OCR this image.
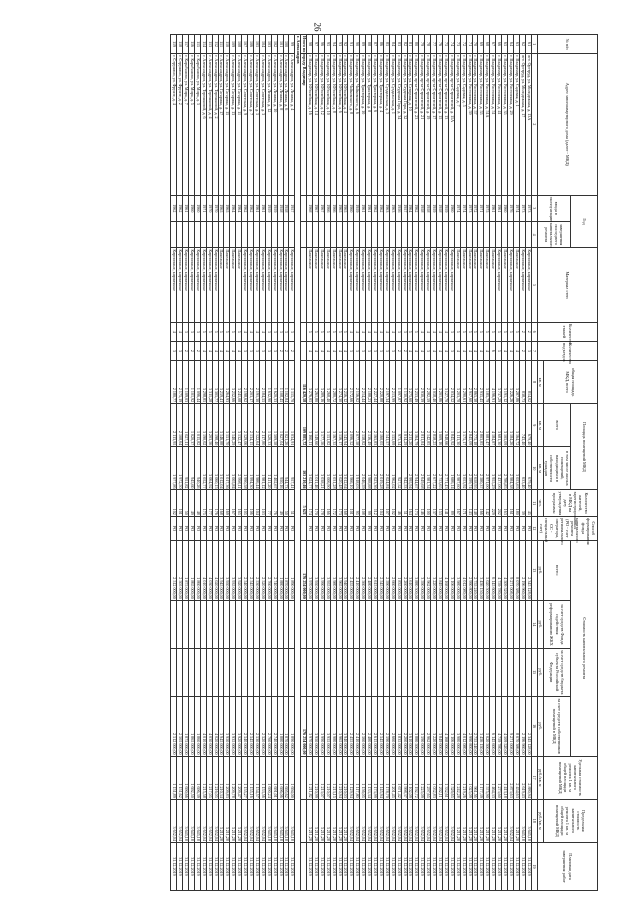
26
№ п/п	Адрес многоквартирного дома (далее - МКД)	Год		Материал стен	Количество этажей	Количество подъездов	общая площадь МКД, всего	Площадь помещений МКД		Количество жителей, зарегистрированных в МКД на дату утверждения программы	Способ формирования фонда капитального ремонта (РО - счет регионального оператора, СС - специальный счет)	Стоимость капитального ремонта				Удельная стоимость капитального ремонта 1 кв. м общей площади помещений МКД	Предельная стоимость капитального ремонта 1 кв. м общей площади помещений МКД	Плановая дата завершения работ
		ввода в эксплуатацию	завершения последнего капитального ремонта					всего	в том числе жилых помещений, находящихся в собственности граждан			всего:	за счет средств Фонда содействия реформированию ЖКХ	за счет средств бюджета субъекта Российской Федерации	за счет средств собственников помещений в МКД			
							кв. м	кв. м	кв. м	чел.		руб.	руб.	руб.	руб.	руб./кв. м	руб./кв. м	
1	2	3	4	5	6	7	8	9	10	11	12	13	14	15	16	17	18	19
61	пгт. Оргтруд, ул. Молодежная, д. 13А	1973		Кирпичные, кирпичные	2	3	814,02	679,40	679,40	45	РО	2 345 128,00			2 345 128,00	2 880,94	3 645,18	31.12.2019
62	пгт. Оргтруд, ул. Молодежная, д. 17	1973		Кирпичные, кирпичные	2	2	838,73	743,40	633,40	39	РО	2 196 960,00			2 196 960,00	2 619,43	3 645,18	31.12.2019
63	г. Владимир, ул. Садовая, д. 1	1974		Панельные	5	4	3 287,86	3 164,72	3 053,63	180	РО	8 070 386,00			8 070 386,00	2 454,63	3 211,28	31.12.2019
64	г. Владимир, ул. Растопчина, д. 29	1976		Кирпичные, кирпичные	5	4	3 226,26	3 184,26	2 984,38	161	РО	9 271 008,00			9 271 008,00	2 873,63	3 652,04	31.12.2019
65	г. Владимир, ул. Растопчина, д. 35	1960		Панельные	5	4	3 191,12	3 105,09	2 786,85	163	РО	4 509 520,00			4 509 520,00	1 413,18	3 211,28	31.12.2019
66	г. Владимир, ул. Растопчина, д. 41	1961		Кирпичные, кирпичные	5	5	3 737,29	3 681,30	3 437,06	202	РО	4 759 780,00			4 759 780,00	1 273,60	3 211,28	31.12.2019
67	г. Владимир, ул. Растопчина, д. 51	1961		Панельные	5	6	4 196,91	4 184,87	3 955,29	229	РО	6 145 600,00			6 145 600,00	1 464,33	3 211,28	31.12.2019
68	г. Владимир, ул. Растопчина, д. 51А	1975		Панельные	5	4	3 185,79	3 081,47	2 971,00	142	РО	5 020 500,00			5 020 500,00	1 575,90	3 211,28	31.12.2019
69	г. Владимир, ул. Растопчина, д. 55	1971		Панельные	5	4	2 935,45	2 803,85	2 580,37	166	РО	3 456 150,00			3 456 150,00	1 177,39	3 211,28	31.12.2019
70	г. Владимир, ул. Растопчина, д. 57	1972		Панельные	5	4	2 865,38	2 775,18	2 658,95	148	РО	2 755 240,00			2 755 240,00	961,56	3 211,28	31.12.2019
71	г. Владимир, ул. Растопчина, д. 59	1973		Панельные	5	4	2 917,60	2 845,09	2 599,74	143	РО	2 990 800,00			2 990 800,00	1 025,09	3 211,28	31.12.2019
72	г. Владимир, ул. Садовая, д. 5	1974		Панельные	5	4	3 290,61	3 175,17	3 053,92	171	РО	4 012 080,00			4 012 080,00	1 219,26	3 211,28	31.12.2019
73	г. Владимир, ул. Садовая, д. 7	1974		Панельные	5	4	3 203,78	3 111,30	2 987,60	167	РО	3 980 000,00			3 980 000,00	1 242,28	3 211,28	31.12.2019
74	г. Владимир, пр-кт Строителей, д. 11А	1960		Кирпичные, кирпичные	3	3	2 034,52	1 845,92	1 686,14	89	РО	3 106 000,00			3 106 000,00	1 526,65	3 652,04	31.12.2019
75	г. Владимир, пр-кт Строителей, д. 13	1959		Кирпичные, кирпичные	4	4	3 127,70	2 948,66	2 771,43	141	РО	4 168 000,00			4 168 000,00	1 332,61	3 652,04	31.12.2019
76	г. Владимир, пр-кт Строителей, д. 15	1958		Кирпичные, кирпичные	4	4	3 201,86	3 009,16	2 753,65	153	РО	3 849 000,00			3 849 000,00	1 202,11	3 652,04	31.12.2019
77	г. Владимир, пр-кт Строителей, д. 17	1959		Кирпичные, кирпичные	4	4	3 058,40	2 858,25	2 677,22	137	РО	3 220 000,00			3 220 000,00	1 052,83	3 652,04	31.12.2019
78	г. Владимир, пр-кт Строителей, д. 19	1958		Кирпичные, кирпичные	4	3	2 282,59	2 142,85	1 981,34	100	РО	2 962 000,00			2 962 000,00	1 297,65	3 652,04	31.12.2019
79	г. Владимир, пр-кт Строителей, д. 21	1958		Кирпичные, кирпичные	4	4	2 930,39	2 811,84	2 649,68	146	РО	3 590 000,00			3 590 000,00	1 225,09	3 652,04	31.12.2019
80	г. Владимир, пр-кт Строителей, д. 23	1962		Кирпичные, кирпичные	5	4	3 253,49	3 164,79	2 944,67	173	РО	3 880 500,00			3 880 500,00	1 192,72	3 652,04	31.12.2019
81	г. Владимир, ул. Северная, д. 10	1964		Кирпичные, кирпичные	5	4	3 275,60	3 213,20	2 995,94	164	РО	3 610 000,00			3 610 000,00	1 102,09	3 652,04	31.12.2019
82	г. Владимир, ул. Студеная Гора, д. 32	1957		Кирпичные, кирпичные	3	2	1 130,92	1 014,29	942,53	51	РО	2 260 000,00			2 260 000,00	1 998,37	3 652,04	31.12.2019
83	г. Владимир, ул. Студеная Гора, д. 34	1956		Кирпичные, кирпичные	3	2	1 097,87	973,34	927,52	46	РО	1 835 000,00			1 835 000,00	1 671,42	3 652,04	31.12.2019
84	г. Владимир, ул. Суздальская, д. 1	1963		Кирпичные, кирпичные	4	3	2 213,99	2 155,69	1 962,02	102	РО	2 660 000,00			2 660 000,00	1 201,45	3 652,04	31.12.2019
85	г. Владимир, ул. Суздальская, д. 3	1963		Кирпичные, кирпичные	4	3	2 197,34	2 141,57	2 024,84	107	РО	2 590 000,00			2 590 000,00	1 178,70	3 652,04	31.12.2019
86	г. Владимир, ул. Тракторная, д. 4	1962		Кирпичные, кирпичные	4	3	2 220,88	2 160,05	2 019,28	104	РО	2 545 000,00			2 545 000,00	1 145,94	3 652,04	31.12.2019
87	г. Владимир, ул. Тракторная, д. 6	1962		Кирпичные, кирпичные	4	3	2 227,44	2 165,83	2 023,36	112	РО	2 615 000,00			2 615 000,00	1 173,99	3 652,04	31.12.2019
88	г. Владимир, ул. Тракторная, д. 8	1961		Кирпичные, кирпичные	4	3	2 188,23	2 136,49	1 988,88	99	РО	2 480 000,00			2 480 000,00	1 133,34	3 652,04	31.12.2019
89	г. Владимир, ул. Тракторная, д. 10	1961		Кирпичные, кирпичные	4	3	2 214,44	2 158,82	2 046,59	108	РО	2 560 000,00			2 560 000,00	1 156,05	3 652,04	31.12.2019
90	г. Владимир, ул. Чайковского, д. 6	1959		Кирпичные, кирпичные	4	3	2 156,02	2 077,58	1 918,03	95	РО	2 410 000,00			2 410 000,00	1 117,80	3 652,04	31.12.2019
91	г. Владимир, ул. Чайковского, д. 8	1960		Кирпичные, кирпичные	4	3	2 172,66	2 096,52	1 966,10	101	РО	2 455 000,00			2 455 000,00	1 129,94	3 652,04	31.12.2019
92	г. Владимир, ул. Юбилейная, д. 4	1965		Панельные	5	4	3 256,12	3 143,94	3 012,64	168	РО	3 940 000,00			3 940 000,00	1 210,03	3 211,28	31.12.2019
93	г. Владимир, ул. Юбилейная, д. 6	1965		Панельные	5	4	3 274,30	3 156,17	3 020,48	173	РО	3 965 000,00			3 965 000,00	1 210,94	3 211,28	31.12.2019
94	г. Владимир, ул. Юбилейная, д. 8	1966		Панельные	5	4	3 280,72	3 167,35	3 031,28	172	РО	3 980 000,00			3 980 000,00	1 213,15	3 211,28	31.12.2019
95	г. Владимир, ул. Юбилейная, д. 10	1966		Панельные	5	4	3 268,40	3 151,82	3 006,90	166	РО	3 955 000,00			3 955 000,00	1 210,07	3 211,28	31.12.2019
96	г. Владимир, ул. Юбилейная, д. 12	1967		Панельные	5	4	3 289,16	3 177,56	3 038,21	178	РО	3 990 000,00			3 990 000,00	1 213,07	3 211,28	31.12.2019
97	г. Владимир, ул. Юбилейная, д. 14	1967		Панельные	5	4	3 261,80	3 149,60	3 011,46	170	РО	3 950 000,00			3 950 000,00	1 210,99	3 211,28	31.12.2019
98	г. Владимир, ул. Юбилейная, д. 16	1968		Панельные	5	4	3 276,05	3 160,11	3 024,77	174	РО	3 970 000,00			3 970 000,00	1 211,82	3 211,28	31.12.2019
Итого по городу Владимир							116 420,58	109 885,72	103 210,46	5 621		176 254 000,00			176 254 000,00			
г. Александров																		
99	г. Александров, ул. Ленина, д. 4	1957		Кирпичные, кирпичные	3	2	1 115,70	1 034,91	957,41	51	РО	1 890 000,00			1 890 000,00	1 694,00	3 645,18	31.12.2019
100	г. Александров, ул. Ленина, д. 6	1958		Кирпичные, кирпичные	3	2	1 102,84	1 021,26	944,73	50	РО	1 870 000,00			1 870 000,00	1 695,62	3 645,18	31.12.2019
101	г. Александров, ул. Ленина, д. 8	1958		Кирпичные, кирпичные	3	2	1 108,45	1 027,04	950,16	49	РО	1 880 000,00			1 880 000,00	1 696,06	3 645,18	31.12.2019
102	г. Александров, ул. Ленина, д. 10	1959		Кирпичные, кирпичные	3	3	1 620,33	1 509,58	1 402,67	76	РО	2 740 000,00			2 740 000,00	1 691,01	3 645,18	31.12.2019
103	г. Александров, ул. Ленина, д. 12	1959		Кирпичные, кирпичные	3	3	1 632,90	1 520,33	1 411,20	77	РО	2 760 000,00			2 760 000,00	1 690,24	3 645,18	31.12.2019
104	г. Александров, ул. Советская, д. 3	1961		Кирпичные, кирпичные	4	3	2 184,55	2 117,80	1 981,12	103	РО	2 520 000,00			2 520 000,00	1 153,56	3 652,04	31.12.2019
105	г. Александров, ул. Советская, д. 5	1961		Кирпичные, кирпичные	4	3	2 191,30	2 122,64	1 986,44	104	РО	2 530 000,00			2 530 000,00	1 154,57	3 652,04	31.12.2019
106	г. Александров, ул. Советская, д. 7	1962		Кирпичные, кирпичные	4	3	2 203,17	2 134,15	1 994,30	106	РО	2 545 000,00			2 545 000,00	1 155,16	3 652,04	31.12.2019
107	г. Александров, ул. Советская, д. 9	1962		Кирпичные, кирпичные	4	3	2 198,62	2 129,06	1 990,58	105	РО	2 540 000,00			2 540 000,00	1 155,27	3 652,04	31.12.2019
108	г. Александров, ул. Гагарина, д. 11	1964		Панельные	5	4	3 241,08	3 132,47	2 998,11	165	РО	3 920 000,00			3 920 000,00	1 209,47	3 211,28	31.12.2019
109	г. Александров, ул. Гагарина, д. 13	1964		Панельные	5	4	3 252,66	3 140,29	3 005,84	167	РО	3 935 000,00			3 935 000,00	1 209,78	3 211,28	31.12.2019
110	г. Александров, ул. Гагарина, д. 15	1965		Панельные	5	4	3 264,93	3 151,70	3 017,36	169	РО	3 950 000,00			3 950 000,00	1 209,83	3 211,28	31.12.2019
111	г. Александров, ул. Гагарина, д. 17	1965		Панельные	5	4	3 259,41	3 146,88	3 012,04	168	РО	3 945 000,00			3 945 000,00	1 210,34	3 211,28	31.12.2019
112	г. Александров, ул. Терешковой, д. 2	1970		Кирпичные, кирпичные	5	4	3 305,77	3 198,40	3 060,15	176	РО	4 020 000,00			4 020 000,00	1 216,05	3 652,04	31.12.2019
113	г. Александров, ул. Терешковой, д. 4	1970		Кирпичные, кирпичные	5	4	3 311,28	3 203,56	3 064,92	177	РО	4 030 000,00			4 030 000,00	1 217,05	3 652,04	31.12.2019
114	г. Александров, ул. Терешковой, д. 6	1971		Кирпичные, кирпичные	5	4	3 298,85	3 190,02	3 052,77	175	РО	4 010 000,00			4 010 000,00	1 215,58	3 652,04	31.12.2019
115	г. Карабаново, ул. Мира, д. 3	1960		Кирпичные, кирпичные	3	2	1 096,44	1 015,82	940,26	48	РО	1 860 000,00			1 860 000,00	1 696,39	3 645,18	31.12.2019
116	г. Карабаново, ул. Мира, д. 5	1960		Кирпичные, кирпичные	3	2	1 101,92	1 020,37	945,60	49	РО	1 865 000,00			1 865 000,00	1 692,50	3 645,18	31.12.2019
117	г. Карабаново, ул. Мира, д. 7	1961		Кирпичные, кирпичные	3	2	1 109,03	1 027,11	951,82	50	РО	1 875 000,00			1 875 000,00	1 690,66	3 645,18	31.12.2019
118	г. Струнино, ул. Фрунзе, д. 2	1962		Кирпичные, кирпичные	4	3	2 175,19	2 108,64	1 972,50	101	РО	2 505 000,00			2 505 000,00	1 151,62	3 652,04	31.12.2019
119	г. Струнино, ул. Фрунзе, д. 4	1962		Кирпичные, кирпичные	4	3	2 180,77	2 113,95	1 977,86	102	РО	2 512 000,00			2 512 000,00	1 151,89	3 652,04	31.12.2019
